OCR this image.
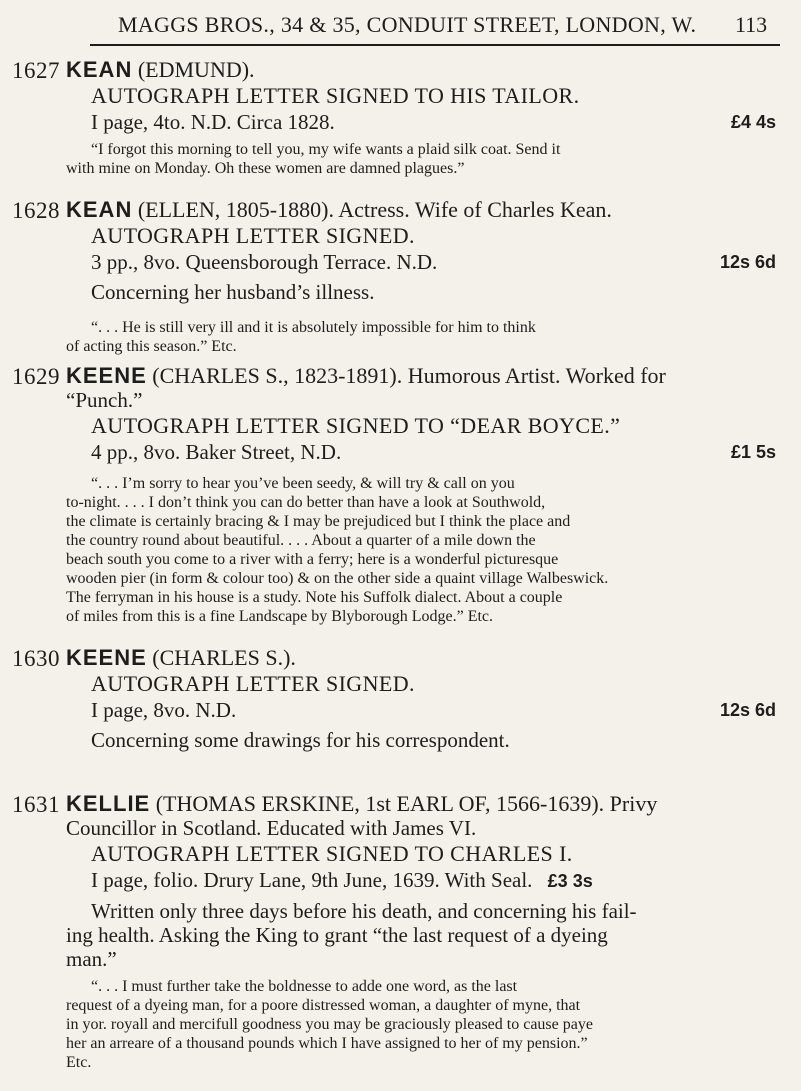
MAGGS BROS., 34 & 35, CONDUIT STREET, LONDON, W. 113
1627 KEAN (EDMUND).
AUTOGRAPH LETTER SIGNED TO HIS TAILOR.
I page, 4to. N.D. Circa 1828.	£4 4s

“I forgot this morning to tell you, my wife wants a plaid silk coat. Send it

with mine on Monday. Oh these women are damned plagues.”

1628 KEAN (ELLEN, 1805-1880). Actress. Wife of Charles Kean.
AUTOGRAPH LETTER SIGNED.
3 pp., 8vo. Queensborough Terrace. N.D.	12s 6d
Concerning her husband’s illness.

“. . . He is still very ill and it is absolutely impossible for him to think

of acting this season.” Etc.

1629 KEENE (CHARLES S., 1823-1891). Humorous Artist. Worked for
“Punch.”
AUTOGRAPH LETTER SIGNED TO “DEAR BOYCE.”
4 pp., 8vo. Baker Street, N.D.	£1 5s

“. . . I’m sorry to hear you’ve been seedy, & will try & call on you

to-night. . . . I don’t think you can do better than have a look at Southwold,

the climate is certainly bracing & I may be prejudiced but I think the place and

the country round about beautiful. . . . About a quarter of a mile down the

beach south you come to a river with a ferry; here is a wonderful picturesque

wooden pier (in form & colour too) & on the other side a quaint village Walbeswick.

The ferryman in his house is a study. Note his Suffolk dialect. About a couple

of miles from this is a fine Landscape by Blyborough Lodge.” Etc.

1630 KEENE (CHARLES S.).
AUTOGRAPH LETTER SIGNED.
I page, 8vo. N.D.	12s 6d
Concerning some drawings for his correspondent.
1631 KELLIE (THOMAS ERSKINE, 1st EARL OF, 1566-1639). Privy
Councillor in Scotland. Educated with James VI.
AUTOGRAPH LETTER SIGNED TO CHARLES I.
I page, folio. Drury Lane, 9th June, 1639. With Seal. £3 3s
Written only three days before his death, and concerning his fail-
ing health. Asking the King to grant “the last request of a dyeing
man.”

“. . . I must further take the boldnesse to adde one word, as the last

request of a dyeing man, for a poore distressed woman, a daughter of myne, that

in yor. royall and mercifull goodness you may be graciously pleased to cause paye

her an arreare of a thousand pounds which I have assigned to her of my pension.”

Etc.
